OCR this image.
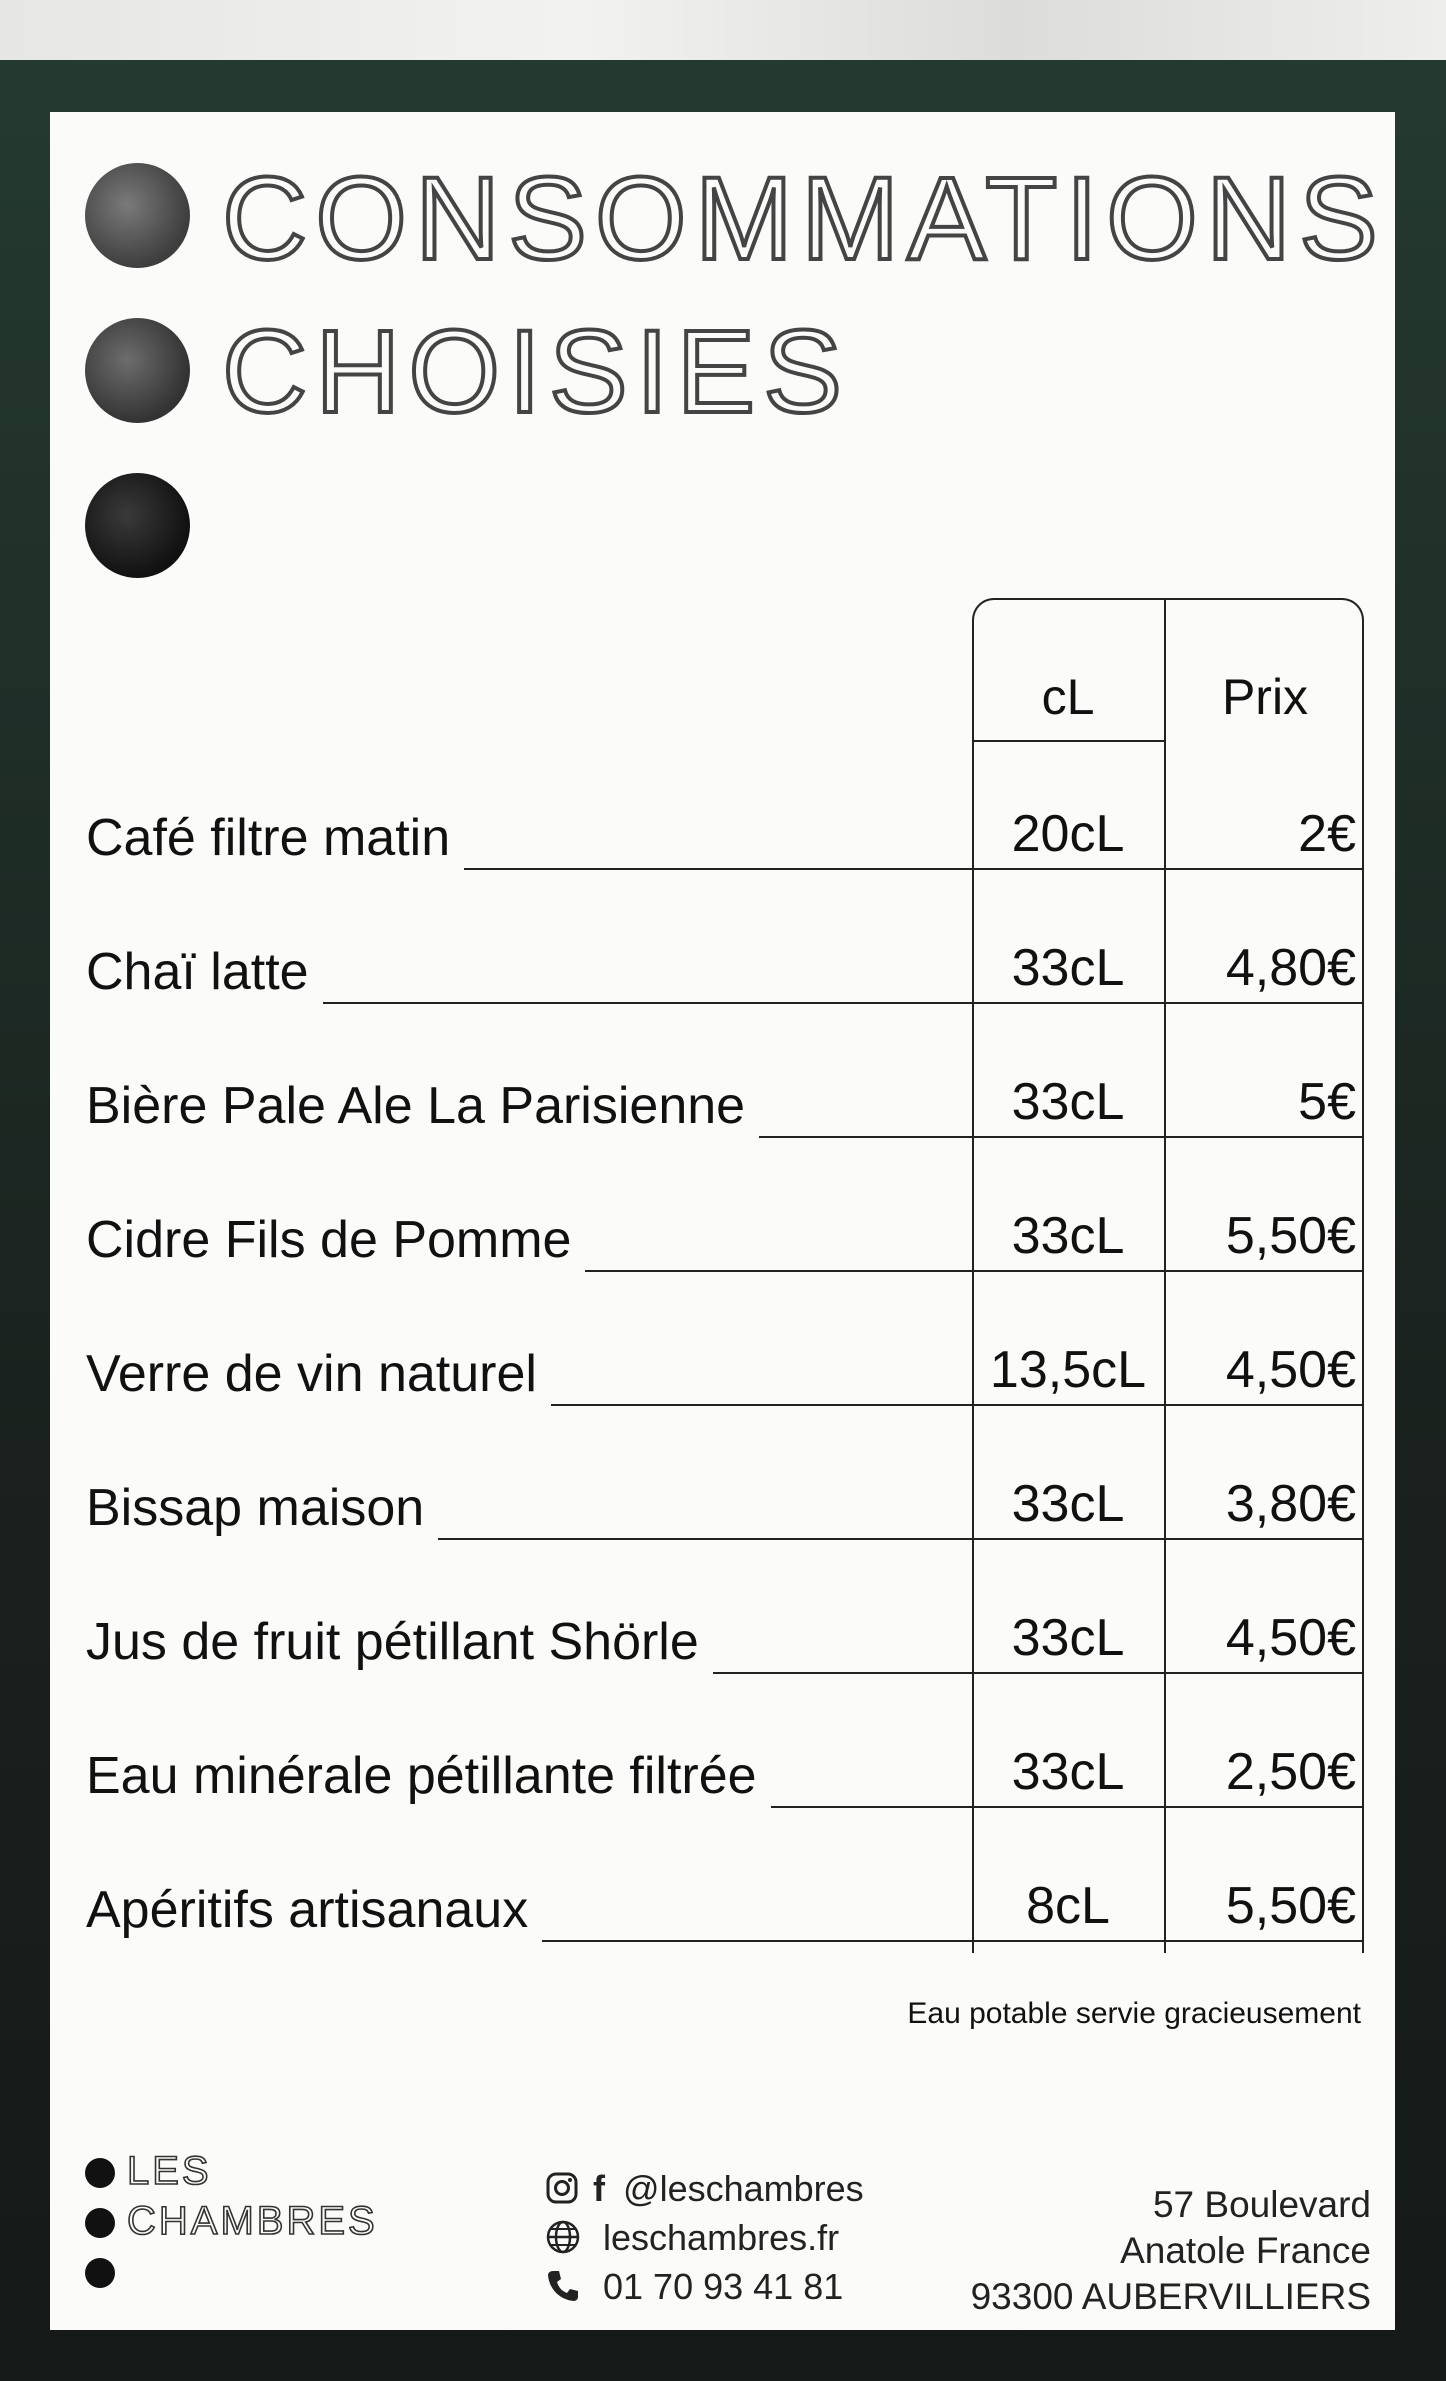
CONSOMMATIONS
CHOISIES
cL	Prix
Café filtre matin	20cL	2€
Chaï latte	33cL	4,80€
Bière Pale Ale La Parisienne	33cL	5€
Cidre Fils de Pomme	33cL	5,50€
Verre de vin naturel	13,5cL	4,50€
Bissap maison	33cL	3,80€
Jus de fruit pétillant Shörle	33cL	4,50€
Eau minérale pétillante filtrée	33cL	2,50€
Apéritifs artisanaux	8cL	5,50€
Eau potable servie gracieusement
LES
CHAMBRES
f @leschambres
leschambres.fr
01 70 93 41 81
57 Boulevard
Anatole France
93300 AUBERVILLIERS
